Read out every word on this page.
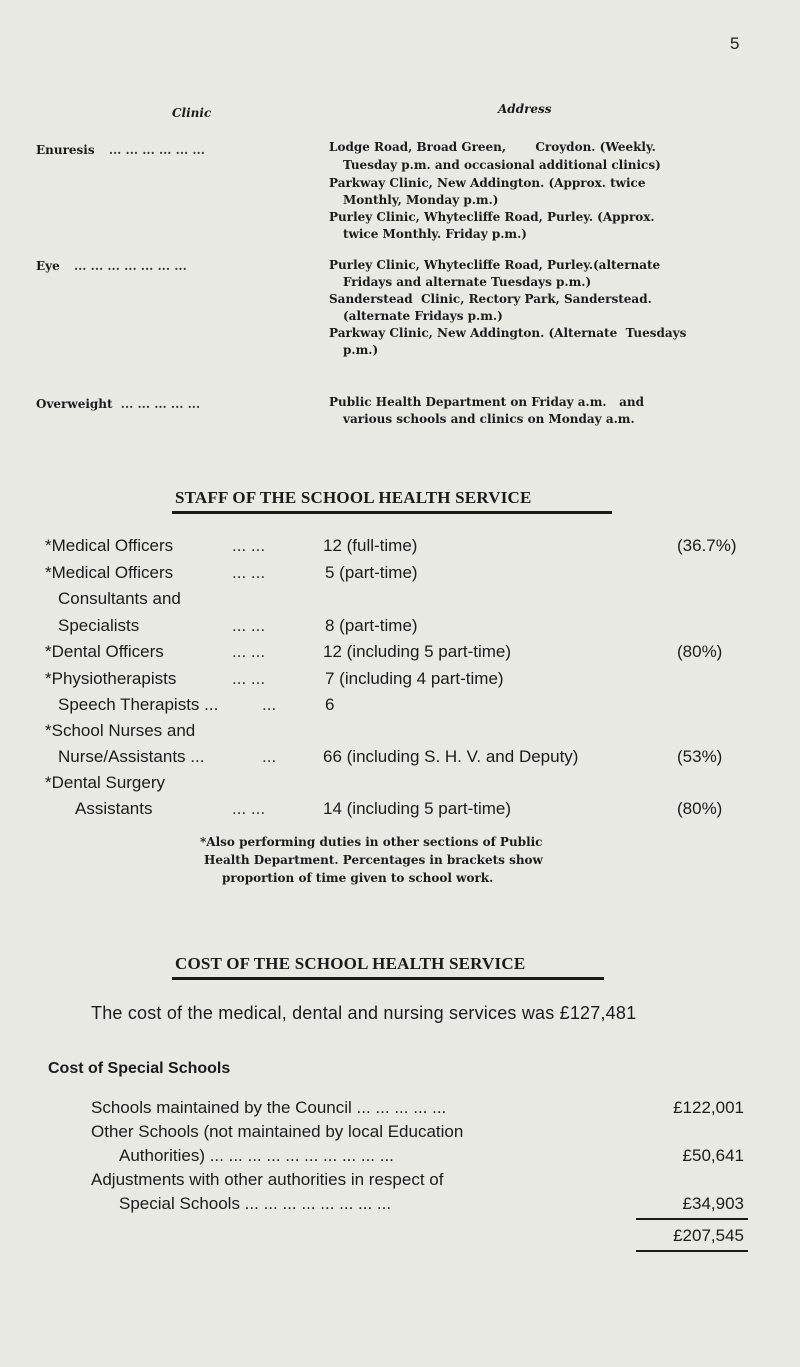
5
Clinic	Address
Enuresis ... ... ... ... ... ...	Lodge Road, Broad Green,       Croydon. (Weekly.
Tuesday p.m. and occasional additional clinics)
Parkway Clinic, New Addington. (Approx. twice
Monthly, Monday p.m.)
Purley Clinic, Whytecliffe Road, Purley. (Approx.
twice Monthly. Friday p.m.)
Eye ... ... ... ... ... ... ...	Purley Clinic, Whytecliffe Road, Purley.(alternate
Fridays and alternate Tuesdays p.m.)
Sanderstead  Clinic, Rectory Park, Sanderstead.
(alternate Fridays p.m.)
Parkway Clinic, New Addington. (Alternate  Tuesdays
p.m.)
Overweight ... ... ... ... ...	Public Health Department on Friday a.m.   and
various schools and clinics on Monday a.m.
STAFF OF THE SCHOOL HEALTH SERVICE
*Medical Officers	... ...	12 (full-time)	(36.7%)
*Medical Officers	... ...	5 (part-time)
Consultants and
Specialists	... ...	8 (part-time)
*Dental Officers	... ...	12 (including 5 part-time)	(80%)
*Physiotherapists	... ...	7 (including 4 part-time)
Speech Therapists ...	...	6
*School Nurses and
Nurse/Assistants ...	...	66 (including S. H. V. and Deputy)	(53%)
*Dental Surgery
Assistants	... ...	14 (including 5 part-time)	(80%)
*Also performing duties in other sections of Public
Health Department. Percentages in brackets show
proportion of time given to school work.
COST OF THE SCHOOL HEALTH SERVICE
The cost of the medical, dental and nursing services was £127,481
Cost of Special Schools
Schools maintained by the Council ... ... ... ... ...	£122,001
Other Schools (not maintained by local Education
Authorities) ... ... ... ... ... ... ... ... ... ...	£50,641
Adjustments with other authorities in respect of
Special Schools ... ... ... ... ... ... ... ...	£34,903
£207,545
